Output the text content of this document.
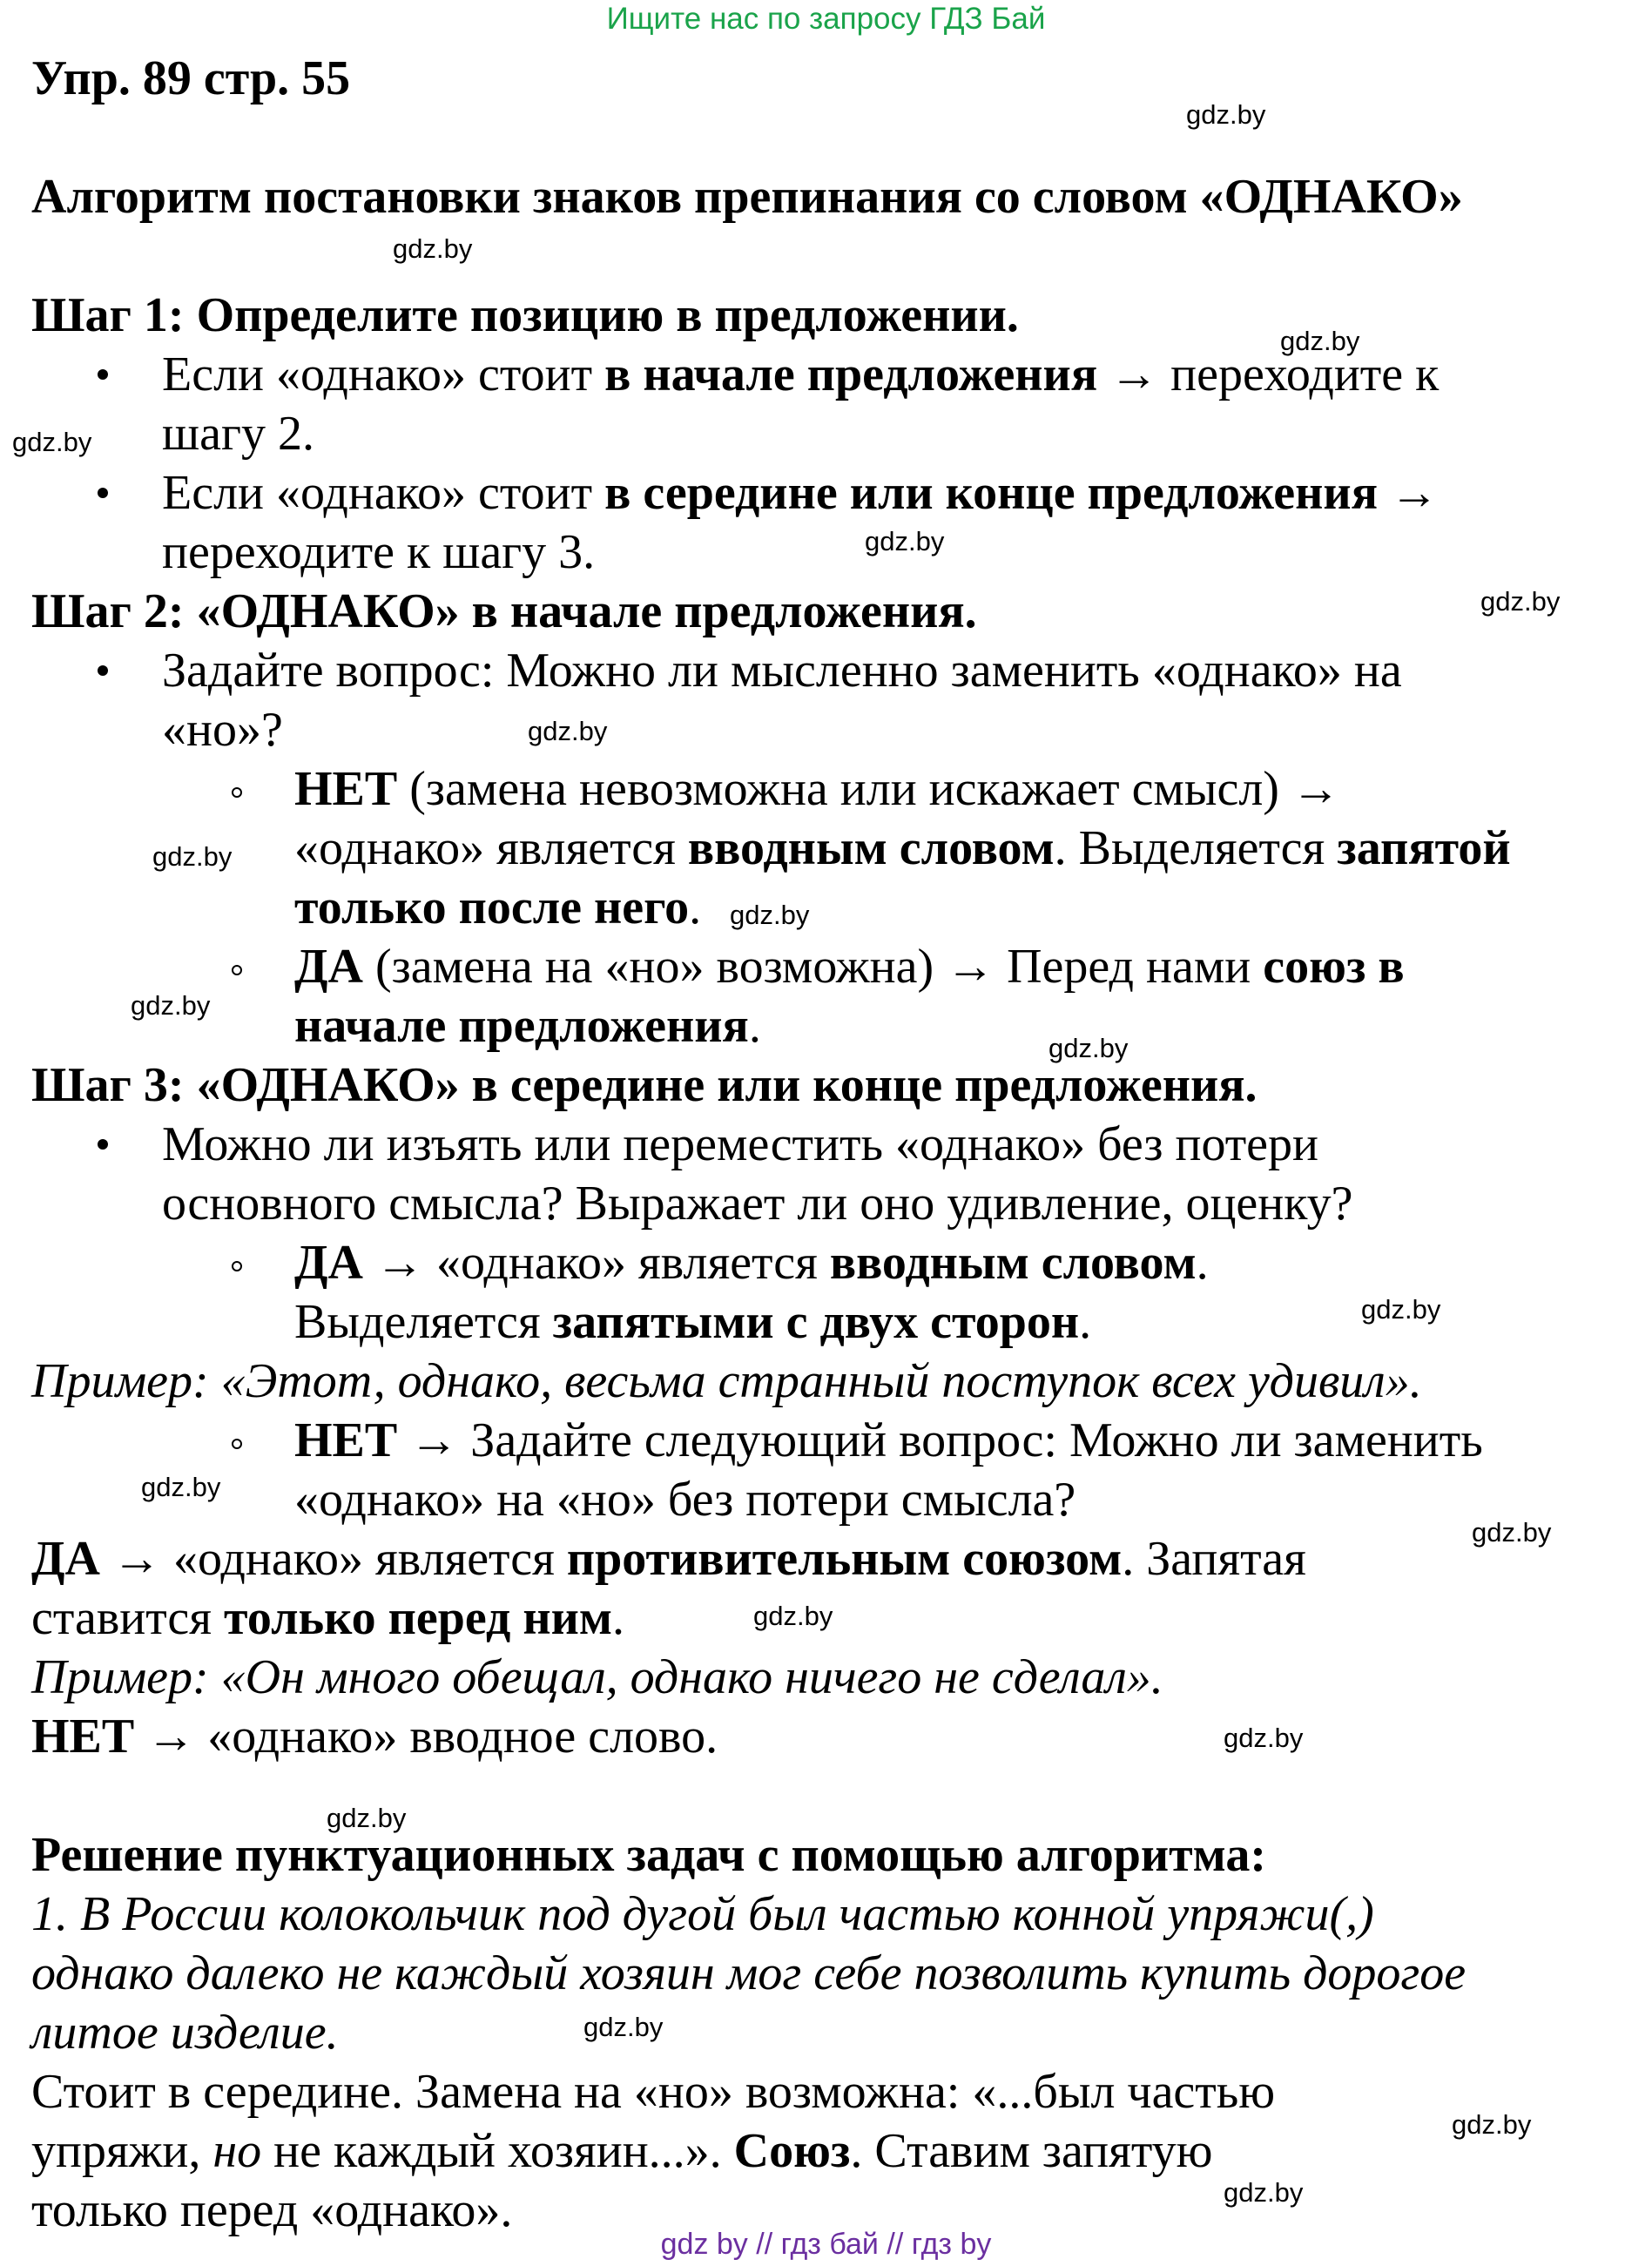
Ищите нас по запросу ГДЗ Бай
gdz by // гдз бай // гдз by
Упр. 89 стр. 55
Алгоритм постановки знаков препинания со словом «ОДНАКО»
Шаг 1: Определите позицию в предложении.
Если «однако» стоит в начале предложения → переходите к
шагу 2.
Если «однако» стоит в середине или конце предложения →
переходите к шагу 3.
Шаг 2: «ОДНАКО» в начале предложения.
Задайте вопрос: Можно ли мысленно заменить «однако» на
«но»?
НЕТ (замена невозможна или искажает смысл) →
«однако» является вводным словом. Выделяется запятой
только после него.
ДА (замена на «но» возможна) → Перед нами союз в
начале предложения.
Шаг 3: «ОДНАКО» в середине или конце предложения.
Можно ли изъять или переместить «однако» без потери
основного смысла? Выражает ли оно удивление, оценку?
ДА → «однако» является вводным словом.
Выделяется запятыми с двух сторон.
Пример: «Этот, однако, весьма странный поступок всех удивил».
НЕТ → Задайте следующий вопрос: Можно ли заменить
«однако» на «но» без потери смысла?
ДА → «однако» является противительным союзом. Запятая
ставится только перед ним.
Пример: «Он много обещал, однако ничего не сделал».
НЕТ → «однако» вводное слово.
Решение пунктуационных задач с помощью алгоритма:
1. В России колокольчик под дугой был частью конной упряжи(,)
однако далеко не каждый хозяин мог себе позволить купить дорогое
литое изделие.
Стоит в середине. Замена на «но» возможна: «...был частью
упряжи, но не каждый хозяин...». Союз. Ставим запятую
только перед «однако».
gdz.by
gdz.by
gdz.by
gdz.by
gdz.by
gdz.by
gdz.by
gdz.by
gdz.by
gdz.by
gdz.by
gdz.by
gdz.by
gdz.by
gdz.by
gdz.by
gdz.by
gdz.by
gdz.by
gdz.by
